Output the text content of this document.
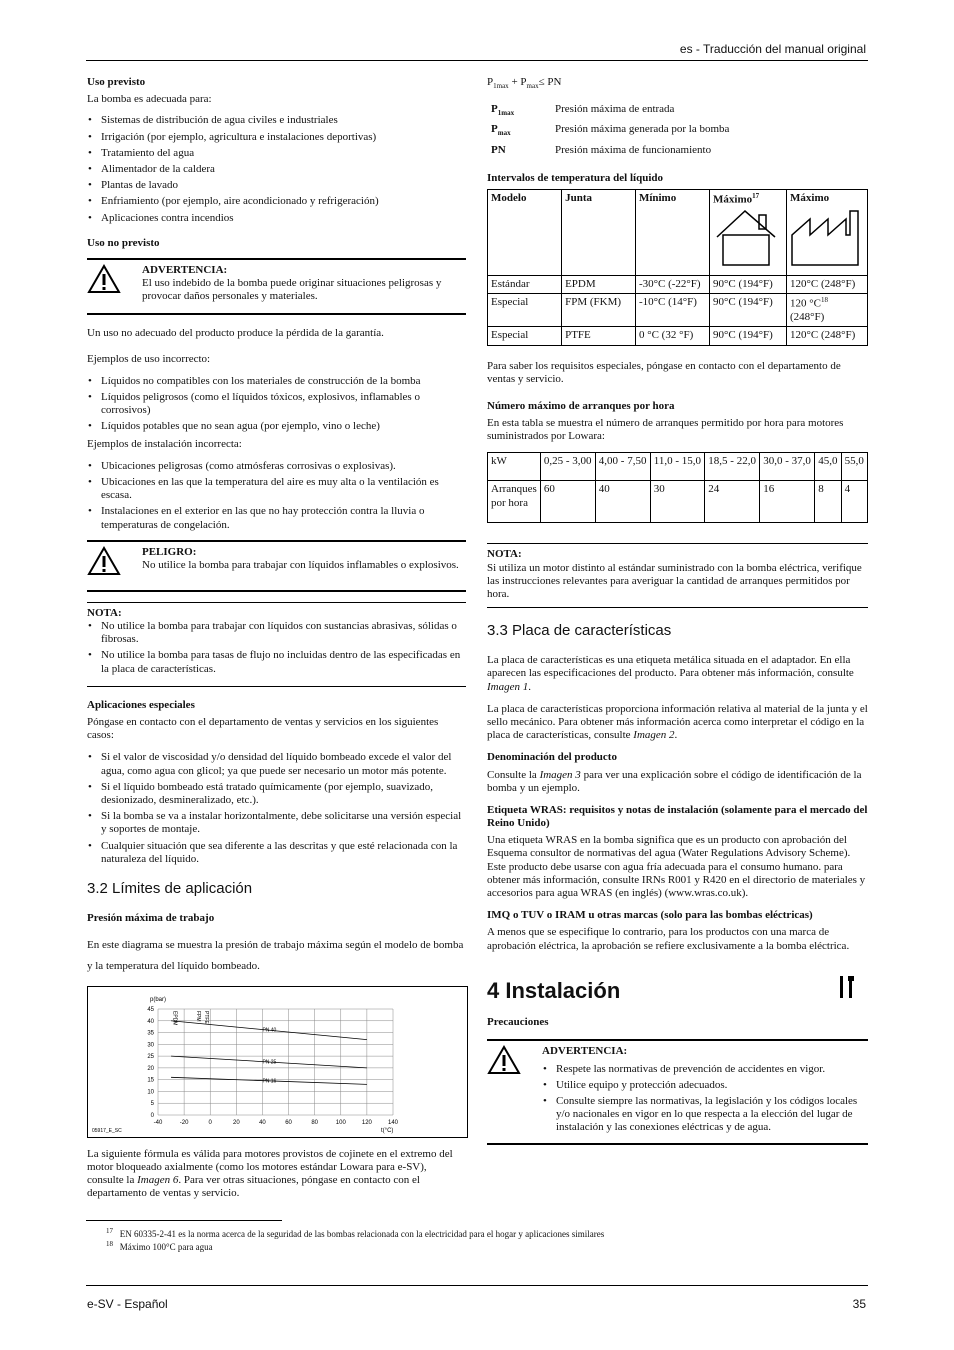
es - Traducción del manual original
Uso previsto

La bomba es adecuada para:

• Sistemas de distribución de agua civiles e industriales
• Irrigación (por ejemplo, agricultura e instalaciones deportivas)
• Tratamiento del agua
• Alimentador de la caldera
• Plantas de lavado
• Enfriamiento (por ejemplo, aire acondicionado y refrigeración)
• Aplicaciones contra incendios
Uso no previsto
ADVERTENCIA:
El uso indebido de la bomba puede originar situaciones peligrosas y provocar daños personales y materiales.

Un uso no adecuado del producto produce la pérdida de la garantía.

Ejemplos de uso incorrecto:

• Líquidos no compatibles con los materiales de construcción de la bomba
• Líquidos peligrosos (como el líquidos tóxicos, explosivos, inflamables o corrosivos)
• Líquidos potables que no sean agua (por ejemplo, vino o leche)

Ejemplos de instalación incorrecta:

• Ubicaciones peligrosas (como atmósferas corrosivas o explosivas).
• Ubicaciones en las que la temperatura del aire es muy alta o la ventilación es escasa.
• Instalaciones en el exterior en las que no hay protección contra la lluvia o temperaturas de congelación.
PELIGRO:
No utilice la bomba para trabajar con líquidos inflamables o explosivos.
NOTA:
• No utilice la bomba para trabajar con líquidos con sustancias abrasivas, sólidas o fibrosas.
• No utilice la bomba para tasas de flujo no incluidas dentro de las especificadas en la placa de características.
Aplicaciones especiales

Póngase en contacto con el departamento de ventas y servicios en los siguientes casos:

• Si el valor de viscosidad y/o densidad del líquido bombeado excede el valor del agua, como agua con glicol; ya que puede ser necesario un motor más potente.
• Si el líquido bombeado está tratado químicamente (por ejemplo, suavizado, desionizado, desmineralizado, etc.).
• Si la bomba se va a instalar horizontalmente, debe solicitarse una versión especial y soportes de montaje.
• Cualquier situación que sea diferente a las descritas y que esté relacionada con la naturaleza del líquido.
3.2 Límites de aplicación
Presión máxima de trabajo

En este diagrama se muestra la presión de trabajo máxima según el modelo de bomba y la temperatura del líquido bombeado.

-40	-20	0	20	40	60	80	100	120	140
0
5
10
15
20
25
30
35
40
45
p(bar)
t(°C)
05917_E_SC
EPDM	FPM PTFE
PN 40
PN 25
PN 16

La siguiente fórmula es válida para motores provistos de cojinete en el extremo del motor bloqueado axialmente (como los motores estándar Lowara para e-SV), consulte la Imagen 6. Para ver otras situaciones, póngase en contacto con el departamento de ventas y servicio.

$P_{1max} + P_{max}\le$ PN

$P_{1max}$	Presión máxima de entrada
$P_{max}$	Presión máxima generada por la bomba
PN	Presión máxima de funcionamiento
Intervalos de temperatura del líquido
Modelo	Junta	Mínimo	Máximo$^{17}$	Máximo

Estándar	EPDM	-30°C (-22°F)	90°C (194°F)	120°C (248°F)
Especial	FPM (FKM)	-10°C (14°F)	90°C (194°F)	120 $^\circ C^{18}$
(248°F)
Especial	PTFE	0 °C (32 °F)	90°C (194°F)	120°C (248°F)

Para saber los requisitos especiales, póngase en contacto con el departamento de ventas y servicio.

Número máximo de arranques por hora

En esta tabla se muestra el número de arranques permitido por hora para motores suministrados por Lowara:

kW	0,25 - 3,00	4,00 - 7,50	11,0 - 15,0	18,5 - 22,0	30,0 - 37,0	45,0	55,0
Arranques por hora	60	40	30	24	16	8	4
NOTA:
Si utiliza un motor distinto al estándar suministrado con la bomba eléctrica, verifique las instrucciones relevantes para averiguar la cantidad de arranques permitidos por hora.
3.3 Placa de características

La placa de características es una etiqueta metálica situada en el adaptador. En ella aparecen las especificaciones del producto. Para obtener más información, consulte Imagen 1.

La placa de características proporciona información relativa al material de la junta y el sello mecánico. Para obtener más información acerca como interpretar el código en la placa de características, consulte Imagen 2.

Denominación del producto

Consulte la Imagen 3 para ver una explicación sobre el código de identificación de la bomba y un ejemplo.

Etiqueta WRAS: requisitos y notas de instalación (solamente para el mercado del Reino Unido)

Una etiqueta WRAS en la bomba significa que es un producto con aprobación del Esquema consultor de normativas del agua (Water Regulations Advisory Scheme). Este producto debe usarse con agua fría adecuada para el consumo humano. para obtener más información, consulte IRNs R001 y R420 en el directorio de materiales y accesorios para agua WRAS (en inglés) (www.wras.co.uk).

IMQ o TUV o IRAM u otras marcas (solo para las bombas eléctricas)

A menos que se especifique lo contrario, para los productos con una marca de aprobación eléctrica, la aprobación se refiere exclusivamente a la bomba eléctrica.

4 Instalación
Precauciones
ADVERTENCIA:
• Respete las normativas de prevención de accidentes en vigor.
• Utilice equipo y protección adecuados.
• Consulte siempre las normativas, la legislación y los códigos locales y/o nacionales en vigor en lo que respecta a la elección del lugar de instalación y las conexiones eléctricas y de agua.
$^{17}$ EN 60335-2-41 es la norma acerca de la seguridad de las bombas relacionada con la electricidad para el hogar y aplicaciones similares
$^{18}$ Máximo 100°C para agua
e-SV - Español	35
